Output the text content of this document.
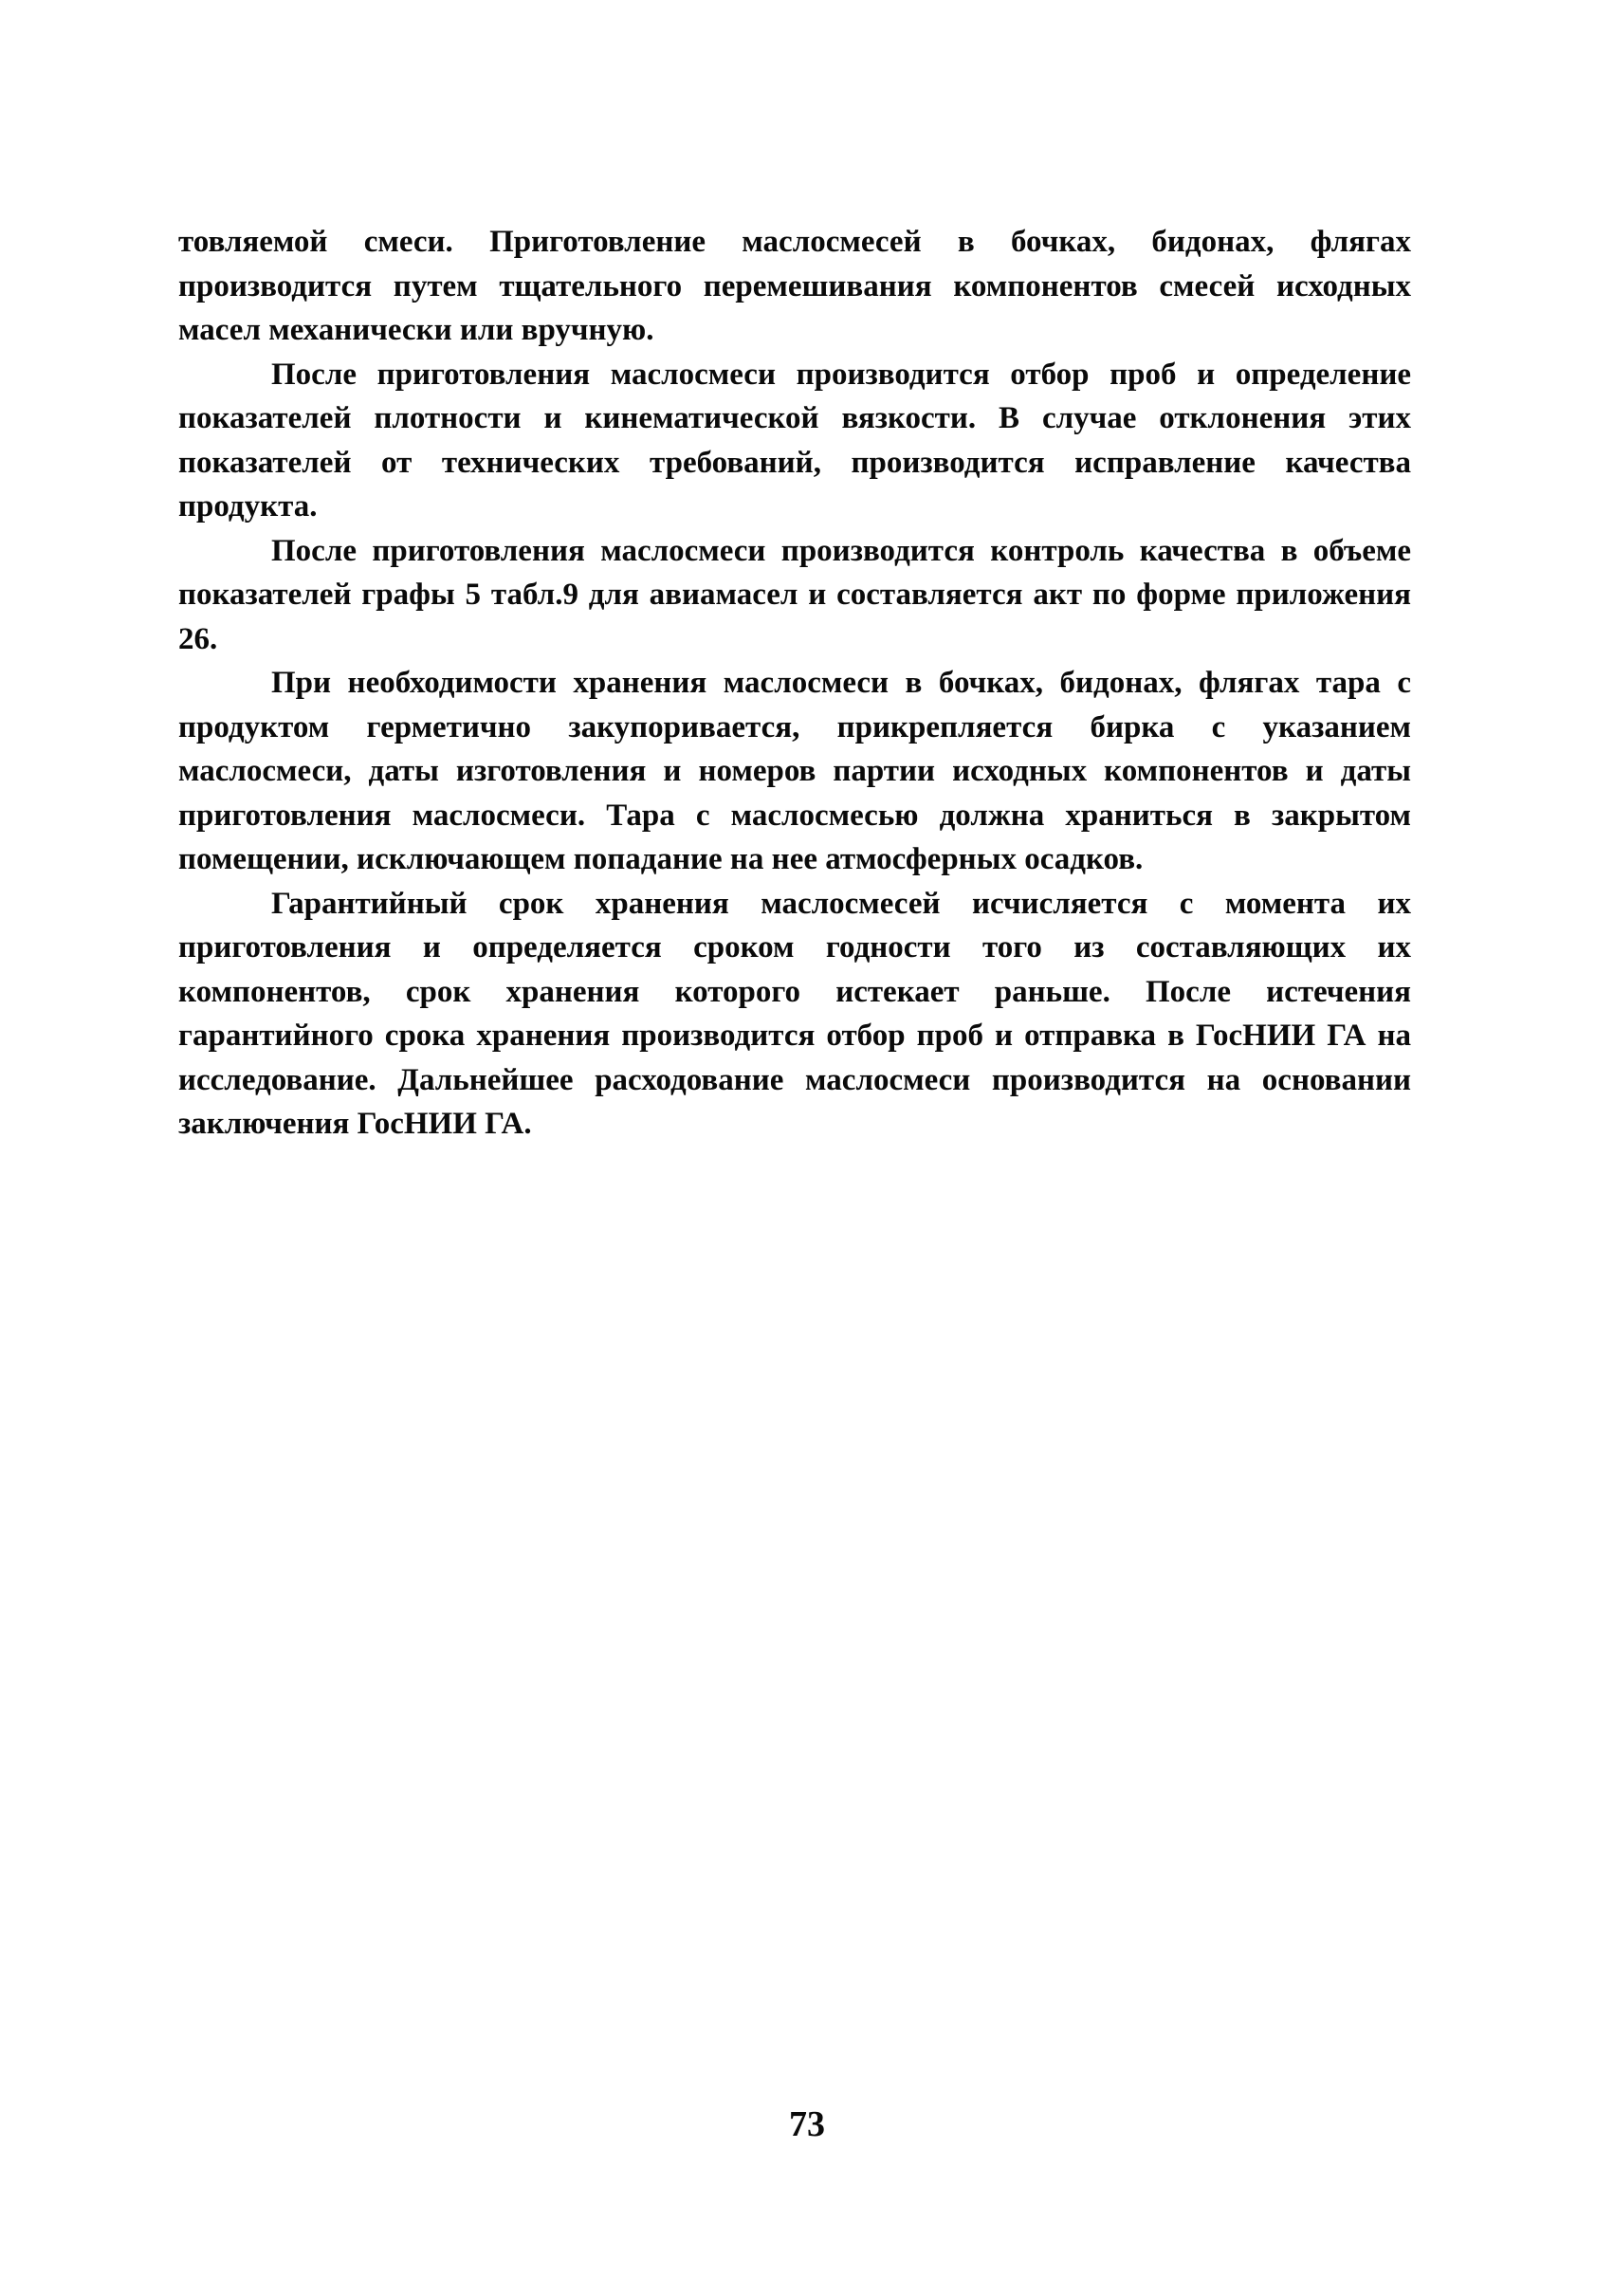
товляемой смеси. Приготовление маслосмесей в бочках, бидонах, флягах производится путем тщательного перемешивания компонентов смесей исходных масел механически или вручную.

После приготовления маслосмеси производится отбор проб и определение показателей плотности и кинематической вязкости. В случае отклонения этих показателей от технических требований, производится исправление качества продукта.

После приготовления маслосмеси производится контроль качества в объеме показателей графы 5 табл.9 для авиамасел и составляется акт по форме приложения 26.

При необходимости хранения маслосмеси в бочках, бидонах, флягах тара с продуктом герметично закупоривается, прикрепляется бирка с указанием маслосмеси, даты изготовления и номеров партии исходных компонентов и даты приготовления маслосмеси. Тара с маслосмесью должна храниться в закрытом помещении, исключающем попадание на нее атмосферных осадков.

Гарантийный срок хранения маслосмесей исчисляется с момента их приготовления и определяется сроком годности того из составляющих их компонентов, срок хранения которого истекает раньше. После истечения гарантийного срока хранения производится отбор проб и отправка в ГосНИИ ГА на исследование. Дальнейшее расходование маслосмеси производится на основании заключения ГосНИИ ГА.

73
